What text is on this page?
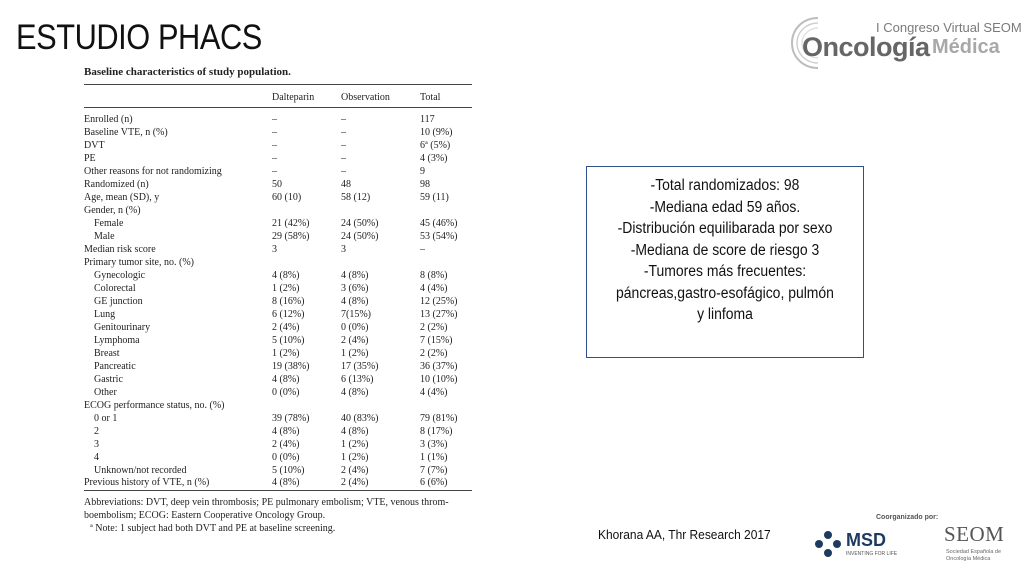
ESTUDIO PHACS	I Congreso Virtual SEOM
Oncología Médica

Baseline characteristics of study population.

	Dalteparin	Observation	Total
Enrolled (n)	–	–	117
Baseline VTE, n (%)	–	–	10 (9%)
DVT	–	–	6ª (5%)
PE	–	–	4 (3%)
Other reasons for not randomizing	–	–	9
Randomized (n)	50	48	98
Age, mean (SD), y	60 (10)	58 (12)	59 (11)
Gender, n (%)			
Female	21 (42%)	24 (50%)	45 (46%)
Male	29 (58%)	24 (50%)	53 (54%)
Median risk score	3	3	–
Primary tumor site, no. (%)			
Gynecologic	4 (8%)	4 (8%)	8 (8%)
Colorectal	1 (2%)	3 (6%)	4 (4%)
GE junction	8 (16%)	4 (8%)	12 (25%)
Lung	6 (12%)	7(15%)	13 (27%)
Genitourinary	2 (4%)	0 (0%)	2 (2%)
Lymphoma	5 (10%)	2 (4%)	7 (15%)
Breast	1 (2%)	1 (2%)	2 (2%)
Pancreatic	19 (38%)	17 (35%)	36 (37%)
Gastric	4 (8%)	6 (13%)	10 (10%)
Other	0 (0%)	4 (8%)	4 (4%)
ECOG performance status, no. (%)			
0 or 1	39 (78%)	40 (83%)	79 (81%)
2	4 (8%)	4 (8%)	8 (17%)
3	2 (4%)	1 (2%)	3 (3%)
4	0 (0%)	1 (2%)	1 (1%)
Unknown/not recorded	5 (10%)	2 (4%)	7 (7%)
Previous history of VTE, n (%)	4 (8%)	2 (4%)	6 (6%)

Abbreviations: DVT, deep vein thrombosis; PE pulmonary embolism; VTE, venous throm-

boembolism; ECOG: Eastern Cooperative Oncology Group.

ª Note: 1 subject had both DVT and PE at baseline screening.

-Total randomizados: 98
-Mediana edad 59 años.
-Distribución equilibarada por sexo
-Mediana de score de riesgo 3
-Tumores más frecuentes:
páncreas,gastro-esofágico, pulmón
y linfoma
Khorana AA, Thr Research 2017
Coorganizado por:
MSD
INVENTING FOR LIFE
SEOM
Sociedad Española de Oncología Médica
